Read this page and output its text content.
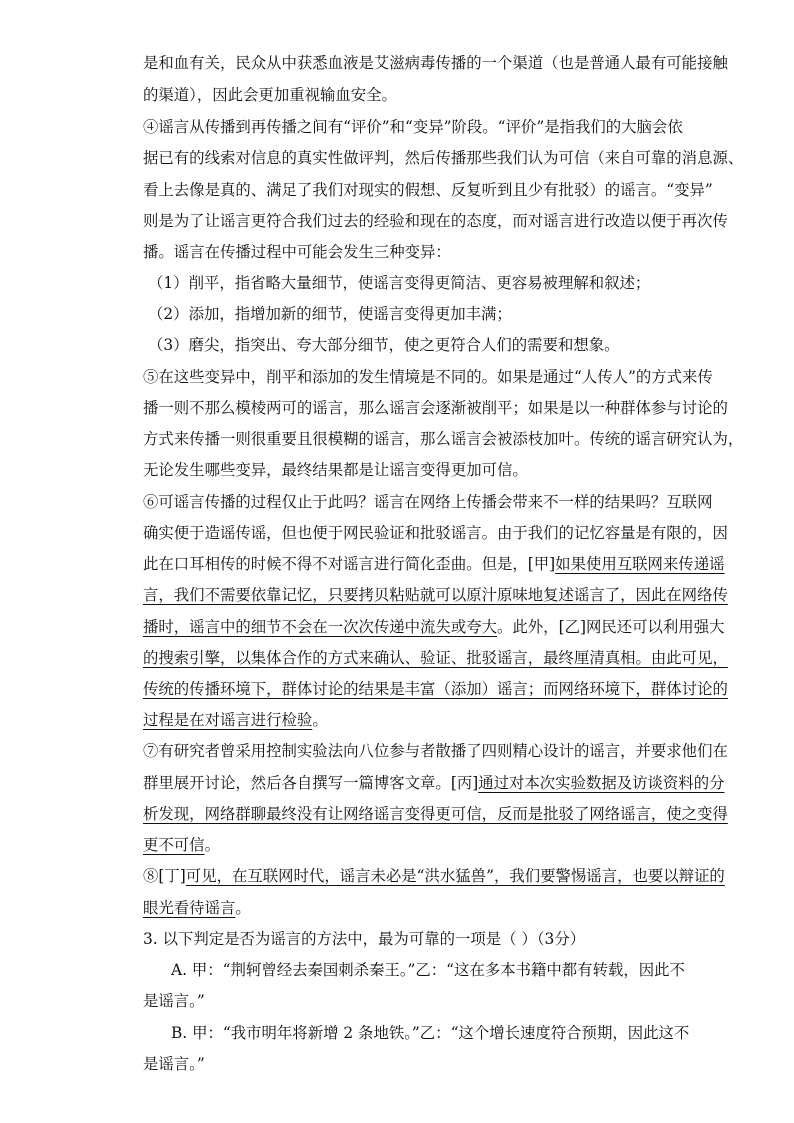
是和血有关，民众从中获悉血液是艾滋病毒传播的一个渠道（也是普通人最有可能接触
的渠道），因此会更加重视输血安全。
④谣言从传播到再传播之间有“评价”和“变异”阶段。“评价”是指我们的大脑会依
据已有的线索对信息的真实性做评判，然后传播那些我们认为可信（来自可靠的消息源、
看上去像是真的、满足了我们对现实的假想、反复听到且少有批驳）的谣言。“变异”
则是为了让谣言更符合我们过去的经验和现在的态度，而对谣言进行改造以便于再次传
播。谣言在传播过程中可能会发生三种变异：
（1）削平，指省略大量细节，使谣言变得更简洁、更容易被理解和叙述；
（2）添加，指增加新的细节，使谣言变得更加丰满；
（3）磨尖，指突出、夸大部分细节，使之更符合人们的需要和想象。
⑤在这些变异中，削平和添加的发生情境是不同的。如果是通过“人传人”的方式来传
播一则不那么模棱两可的谣言，那么谣言会逐渐被削平；如果是以一种群体参与讨论的
方式来传播一则很重要且很模糊的谣言，那么谣言会被添枝加叶。传统的谣言研究认为，
无论发生哪些变异，最终结果都是让谣言变得更加可信。
⑥可谣言传播的过程仅止于此吗？谣言在网络上传播会带来不一样的结果吗？互联网
确实便于造谣传谣，但也便于网民验证和批驳谣言。由于我们的记忆容量是有限的，因
此在口耳相传的时候不得不对谣言进行简化歪曲。但是，[甲]如果使用互联网来传递谣
言，我们不需要依靠记忆，只要拷贝粘贴就可以原汁原味地复述谣言了，因此在网络传
播时，谣言中的细节不会在一次次传递中流失或夸大。此外，[乙]网民还可以利用强大
的搜索引擎，以集体合作的方式来确认、验证、批驳谣言，最终厘清真相。由此可见，
传统的传播环境下，群体讨论的结果是丰富（添加）谣言；而网络环境下，群体讨论的
过程是在对谣言进行检验。
⑦有研究者曾采用控制实验法向八位参与者散播了四则精心设计的谣言，并要求他们在
群里展开讨论，然后各自撰写一篇博客文章。[丙]通过对本次实验数据及访谈资料的分
析发现，网络群聊最终没有让网络谣言变得更可信，反而是批驳了网络谣言，使之变得
更不可信。
⑧[丁]可见，在互联网时代，谣言未必是“洪水猛兽”，我们要警惕谣言，也要以辩证的
眼光看待谣言。
3. 以下判定是否为谣言的方法中，最为可靠的一项是（ ）（3分）
A. 甲：“荆轲曾经去秦国刺杀秦王。”乙：“这在多本书籍中都有转载，因此不
是谣言。”
B. 甲：“我市明年将新增 2 条地铁。”乙：“这个增长速度符合预期，因此这不
是谣言。”
